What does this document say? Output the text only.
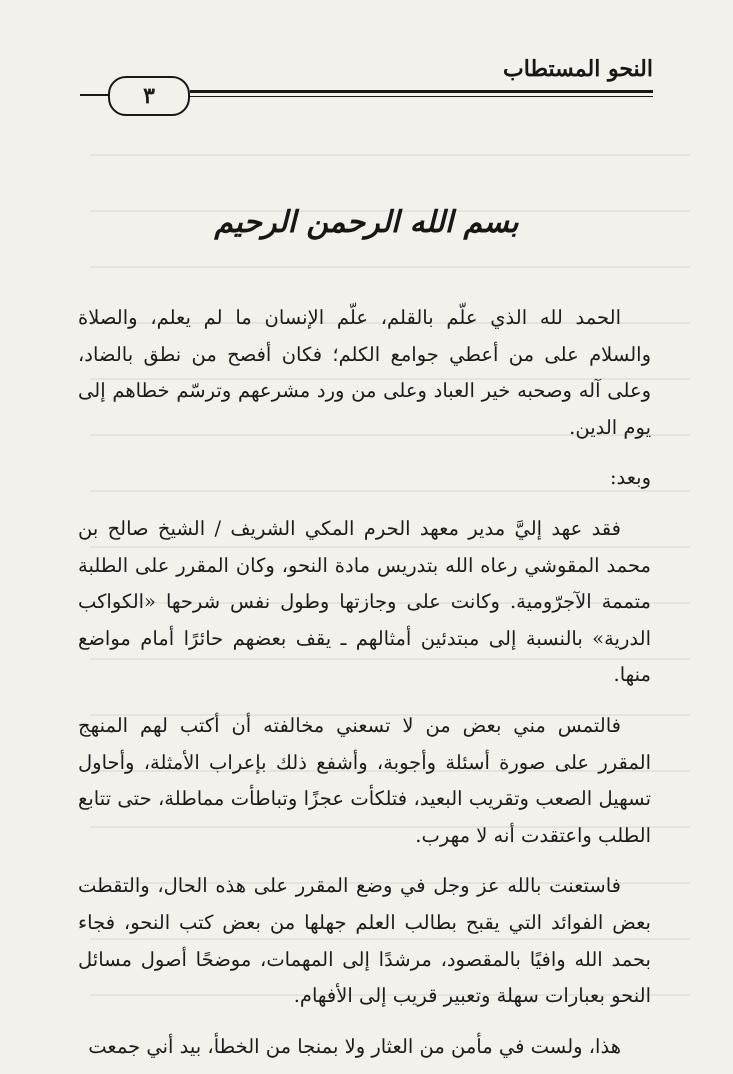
النحو المستطاب
٣
بسم الله الرحمن الرحيم

الحمد لله الذي علّم بالقلم، علّم الإنسان ما لم يعلم، والصلاة والسلام على من أعطي جوامع الكلم؛ فكان أفصح من نطق بالضاد، وعلى آله وصحبه خير العباد وعلى من ورد مشرعهم وترسّم خطاهم إلى يوم الدين.

وبعد:

فقد عهد إليَّ مدير معهد الحرم المكي الشريف / الشيخ صالح بن محمد المقوشي رعاه الله بتدريس مادة النحو، وكان المقرر على الطلبة متممة الآجرّومية. وكانت على وجازتها وطول نفس شرحها «الكواكب الدرية» بالنسبة إلى مبتدئين أمثالهم ـ يقف بعضهم حائرًا أمام مواضع منها.

فالتمس مني بعض من لا تسعني مخالفته أن أكتب لهم المنهج المقرر على صورة أسئلة وأجوبة، وأشفع ذلك بإعراب الأمثلة، وأحاول تسهيل الصعب وتقريب البعيد، فتلكأت عجزًا وتباطأت مماطلة، حتى تتابع الطلب واعتقدت أنه لا مهرب.

فاستعنت بالله عز وجل في وضع المقرر على هذه الحال، والتقطت بعض الفوائد التي يقبح بطالب العلم جهلها من بعض كتب النحو، فجاء بحمد الله وافيًا بالمقصود، مرشدًا إلى المهمات، موضحًا أصول مسائل النحو بعبارات سهلة وتعبير قريب إلى الأفهام.

هذا، ولست في مأمن من العثار ولا بمنجا من الخطأ، بيد أني جمعت
